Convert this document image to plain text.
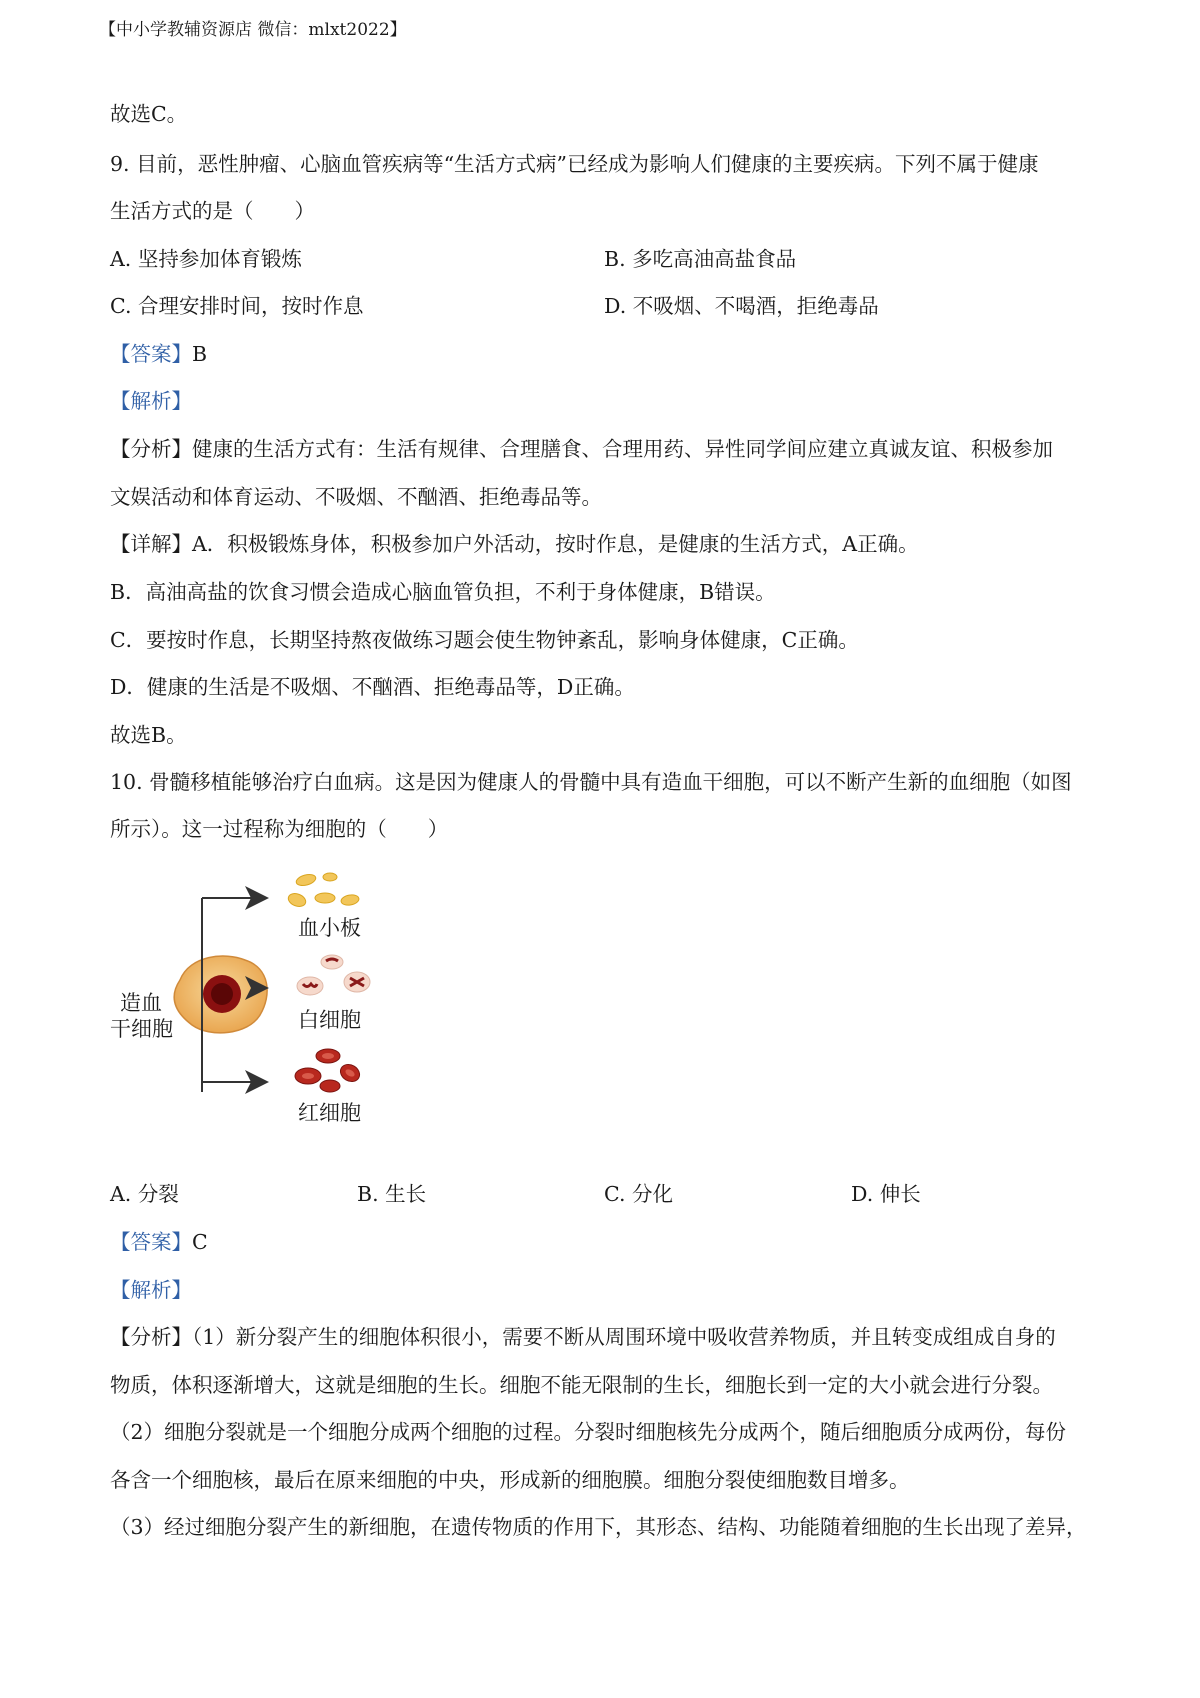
【中小学教辅资源店 微信：mlxt2022】

故选C。

9. 目前，恶性肿瘤、心脑血管疾病等“生活方式病”已经成为影响人们健康的主要疾病。下列不属于健康

生活方式的是（　　）

A. 坚持参加体育锻炼	B. 多吃高油高盐食品

C. 合理安排时间，按时作息	D. 不吸烟、不喝酒，拒绝毒品

【答案】B

【解析】

【分析】健康的生活方式有：生活有规律、合理膳食、合理用药、异性同学间应建立真诚友谊、积极参加

文娱活动和体育运动、不吸烟、不酗酒、拒绝毒品等。

【详解】A．积极锻炼身体，积极参加户外活动，按时作息，是健康的生活方式，A正确。

B．高油高盐的饮食习惯会造成心脑血管负担，不利于身体健康，B错误。

C．要按时作息，长期坚持熬夜做练习题会使生物钟紊乱，影响身体健康，C正确。

D．健康的生活是不吸烟、不酗酒、拒绝毒品等，D正确。

故选B。

10. 骨髓移植能够治疗白血病。这是因为健康人的骨髓中具有造血干细胞，可以不断产生新的血细胞（如图

所示）。这一过程称为细胞的（　　）

造血
干细胞
血小板
白细胞
红细胞

A. 分裂	B. 生长	C. 分化	D. 伸长

【答案】C

【解析】

【分析】（1）新分裂产生的细胞体积很小，需要不断从周围环境中吸收营养物质，并且转变成组成自身的

物质，体积逐渐增大，这就是细胞的生长。细胞不能无限制的生长，细胞长到一定的大小就会进行分裂。

（2）细胞分裂就是一个细胞分成两个细胞的过程。分裂时细胞核先分成两个，随后细胞质分成两份，每份

各含一个细胞核，最后在原来细胞的中央，形成新的细胞膜。细胞分裂使细胞数目增多。

（3）经过细胞分裂产生的新细胞，在遗传物质的作用下，其形态、结构、功能随着细胞的生长出现了差异，
